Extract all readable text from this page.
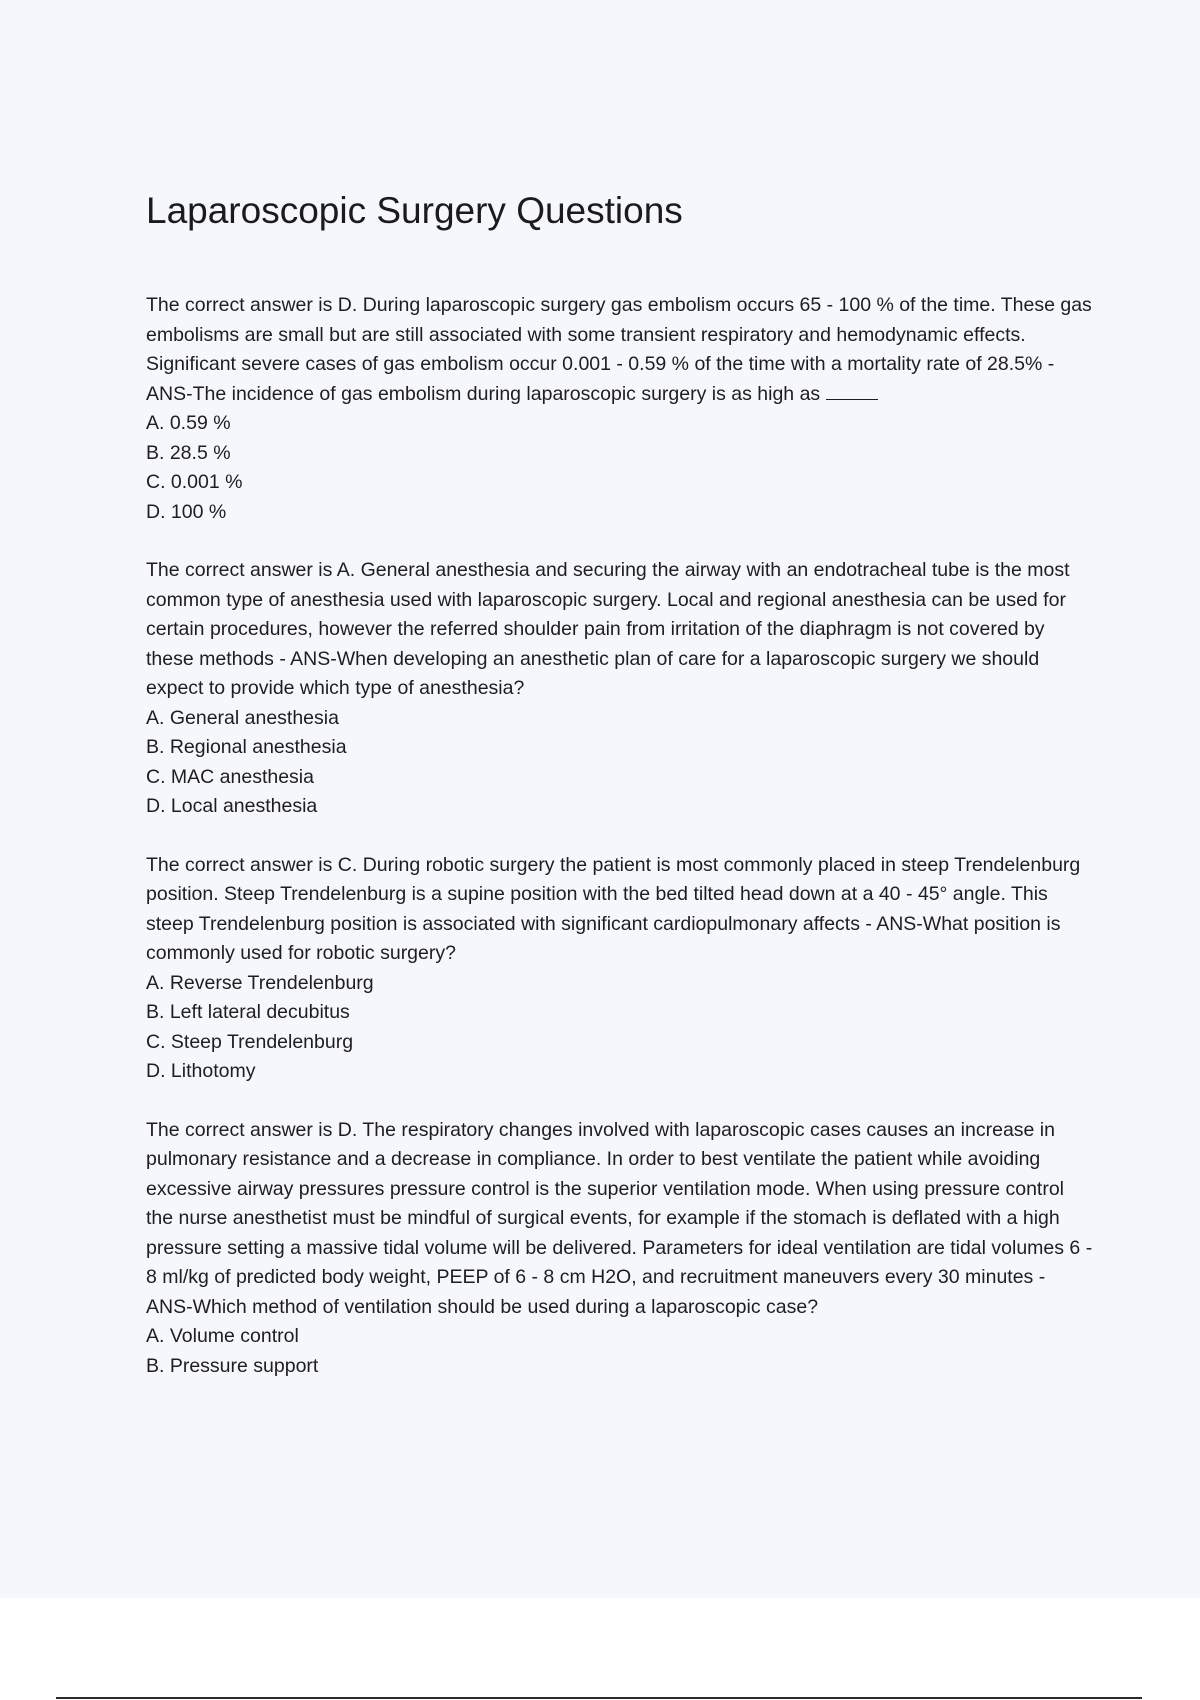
Laparoscopic Surgery Questions

The correct answer is D. During laparoscopic surgery gas embolism occurs 65 - 100 % of the time. These gas embolisms are small but are still associated with some transient respiratory and hemodynamic effects. Significant severe cases of gas embolism occur 0.001 - 0.59 % of the time with a mortality rate of 28.5% - ANS-The incidence of gas embolism during laparoscopic surgery is as high as

A. 0.59 %
B. 28.5 %
C. 0.001 %
D. 100 %

The correct answer is A. General anesthesia and securing the airway with an endotracheal tube is the most common type of anesthesia used with laparoscopic surgery. Local and regional anesthesia can be used for certain procedures, however the referred shoulder pain from irritation of the diaphragm is not covered by these methods - ANS-When developing an anesthetic plan of care for a laparoscopic surgery we should expect to provide which type of anesthesia?

A. General anesthesia
B. Regional anesthesia
C. MAC anesthesia
D. Local anesthesia

The correct answer is C. During robotic surgery the patient is most commonly placed in steep Trendelenburg position. Steep Trendelenburg is a supine position with the bed tilted head down at a 40 - 45° angle. This steep Trendelenburg position is associated with significant cardiopulmonary affects - ANS-What position is commonly used for robotic surgery?

A. Reverse Trendelenburg
B. Left lateral decubitus
C. Steep Trendelenburg
D. Lithotomy

The correct answer is D. The respiratory changes involved with laparoscopic cases causes an increase in pulmonary resistance and a decrease in compliance. In order to best ventilate the patient while avoiding excessive airway pressures pressure control is the superior ventilation mode. When using pressure control the nurse anesthetist must be mindful of surgical events, for example if the stomach is deflated with a high pressure setting a massive tidal volume will be delivered. Parameters for ideal ventilation are tidal volumes 6 - 8 ml/kg of predicted body weight, PEEP of 6 - 8 cm H2O, and recruitment maneuvers every 30 minutes - ANS-Which method of ventilation should be used during a laparoscopic case?

A. Volume control
B. Pressure support
